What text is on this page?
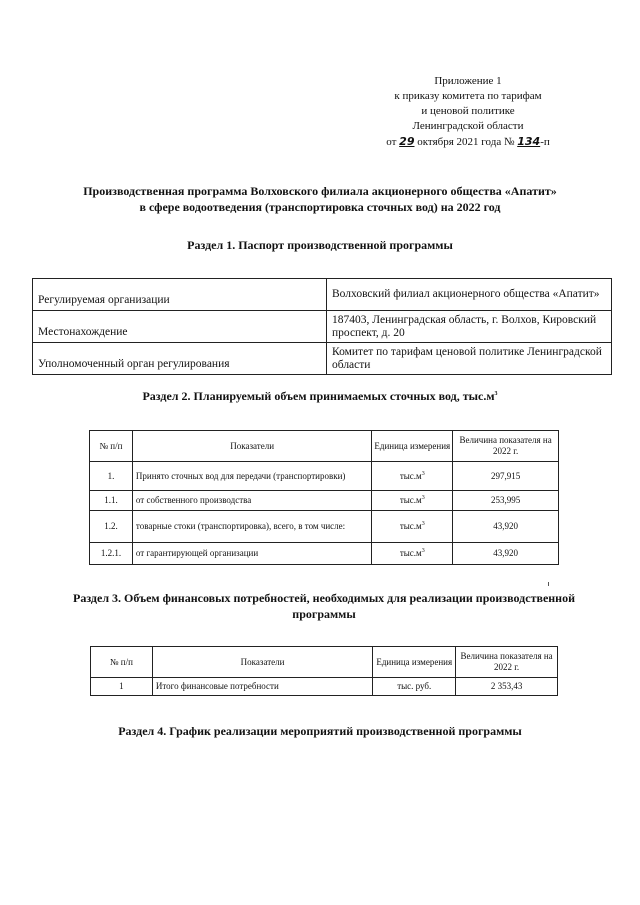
Приложение 1
к приказу комитета по тарифам
и ценовой политике
Ленинградской области
от 29 октября 2021 года № 134-п
Производственная программа Волховского филиала акционерного общества «Апатит»
в сфере водоотведения (транспортировка сточных вод) на 2022 год
Раздел 1. Паспорт производственной программы
Регулируемая организации	Волховский филиал акционерного общества «Апатит»
Местонахождение	187403, Ленинградская область, г. Волхов, Кировский проспект, д. 20
Уполномоченный орган регулирования	Комитет по тарифам ценовой политике Ленинградской области
Раздел 2. Планируемый объем принимаемых сточных вод, $тыс.м^3$
№ п/п	Показатели	Единица измерения	Величина показателя на 2022 г.
1.	Принято сточных вод для передачи (транспортировки)	$тыс.м^3$	297,915
1.1.	от собственного производства	$тыс.м^3$	253,995
1.2.	товарные стоки (транспортировка), всего, в том числе:	$тыс.м^3$	43,920
1.2.1.	от гарантирующей организации	$тыс.м^3$	43,920
Раздел 3. Объем финансовых потребностей, необходимых для реализации производственной программы
№ п/п	Показатели	Единица измерения	Величина показателя на 2022 г.
1	Итого финансовые потребности	тыс. руб.	2 353,43
Раздел 4. График реализации мероприятий производственной программы
